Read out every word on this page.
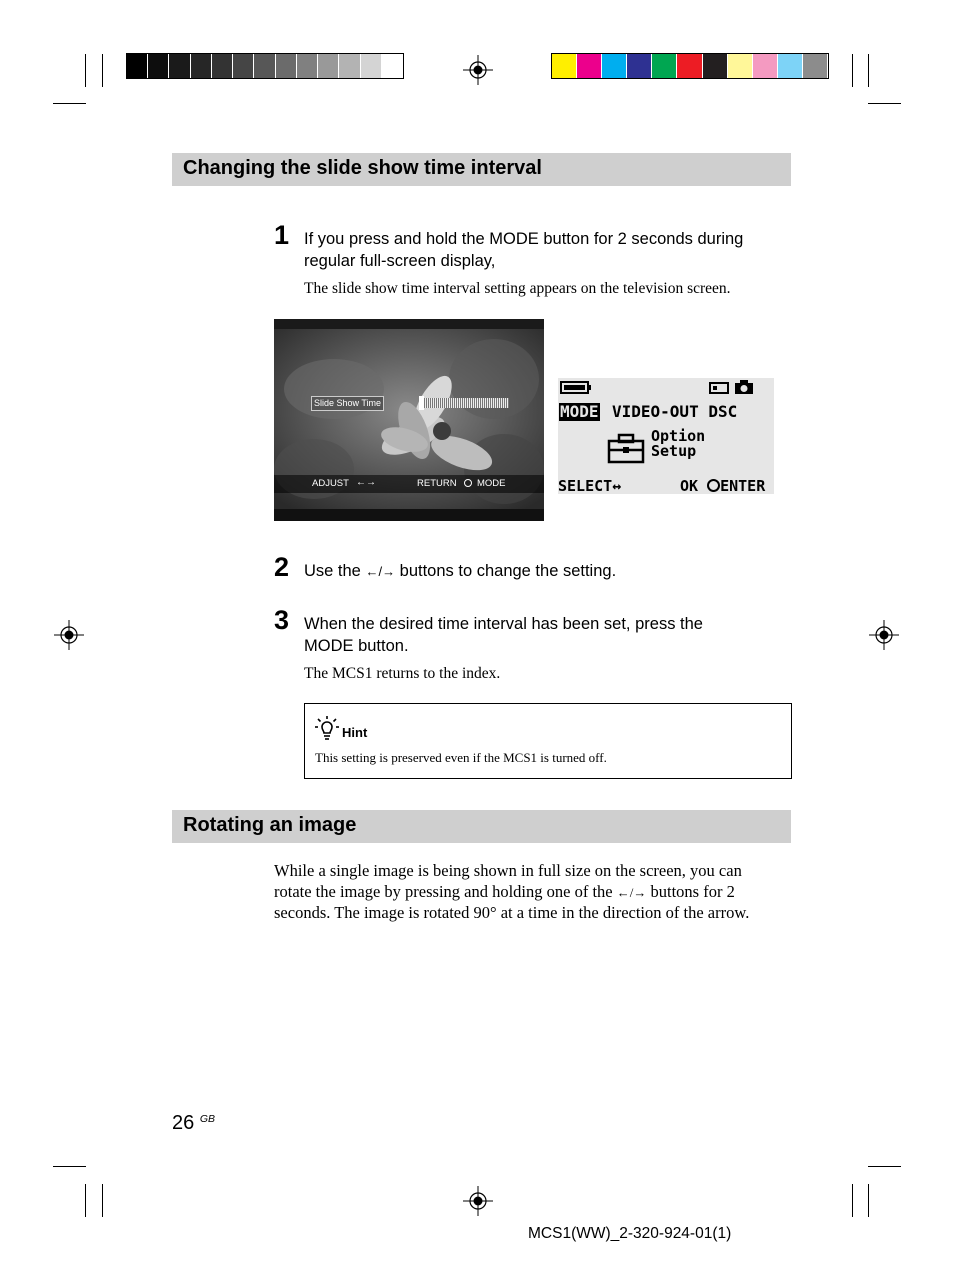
Changing the slide show time interval
1 If you press and hold the MODE button for 2 seconds during
regular full-screen display,
The slide show time interval setting appears on the television screen.
Slide Show Time
ADJUST ←→	RETURN MODE
MODE VIDEO-OUT DSC
Option
Setup
SELECT↔	OK ENTER
2 Use the ←/→ buttons to change the setting.
3 When the desired time interval has been set, press the
MODE button.
The MCS1 returns to the index.
Hint
This setting is preserved even if the MCS1 is turned off.
Rotating an image
While a single image is being shown in full size on the screen, you can
rotate the image by pressing and holding one of the ←/→ buttons for 2
seconds. The image is rotated 90° at a time in the direction of the arrow.
26 $^{GB}$
MCS1(WW)_2-320-924-01(1)
